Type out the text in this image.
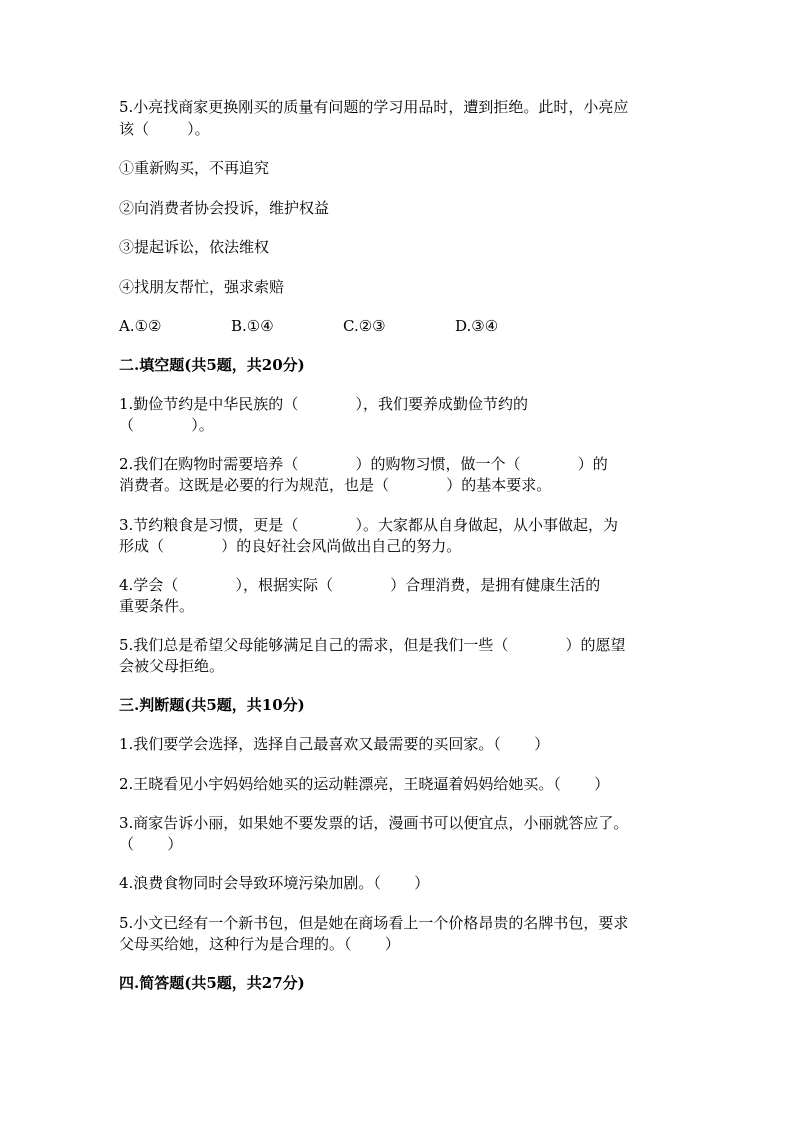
5.小亮找商家更换刚买的质量有问题的学习用品时，遭到拒绝。此时，小亮应
该（        ）。
①重新购买，不再追究
②向消费者协会投诉，维护权益
③提起诉讼，依法维权
④找朋友帮忙，强求索赔
A.①②	B.①④	C.②③	D.③④
二.填空题(共5题，共20分)
1.勤俭节约是中华民族的（            ），我们要养成勤俭节约的
（            ）。
2.我们在购物时需要培养（            ）的购物习惯，做一个（            ）的
消费者。这既是必要的行为规范，也是（            ）的基本要求。
3.节约粮食是习惯，更是（            ）。大家都从自身做起，从小事做起，为
形成（            ）的良好社会风尚做出自己的努力。
4.学会（            ），根据实际（            ）合理消费，是拥有健康生活的
重要条件。
5.我们总是希望父母能够满足自己的需求，但是我们一些（            ）的愿望
会被父母拒绝。
三.判断题(共5题，共10分)
1.我们要学会选择，选择自己最喜欢又最需要的买回家。（       ）
2.王晓看见小宇妈妈给她买的运动鞋漂亮，王晓逼着妈妈给她买。（       ）
3.商家告诉小丽，如果她不要发票的话，漫画书可以便宜点，小丽就答应了。
（       ）
4.浪费食物同时会导致环境污染加剧。（       ）
5.小文已经有一个新书包，但是她在商场看上一个价格昂贵的名牌书包，要求
父母买给她，这种行为是合理的。（       ）
四.简答题(共5题，共27分)
